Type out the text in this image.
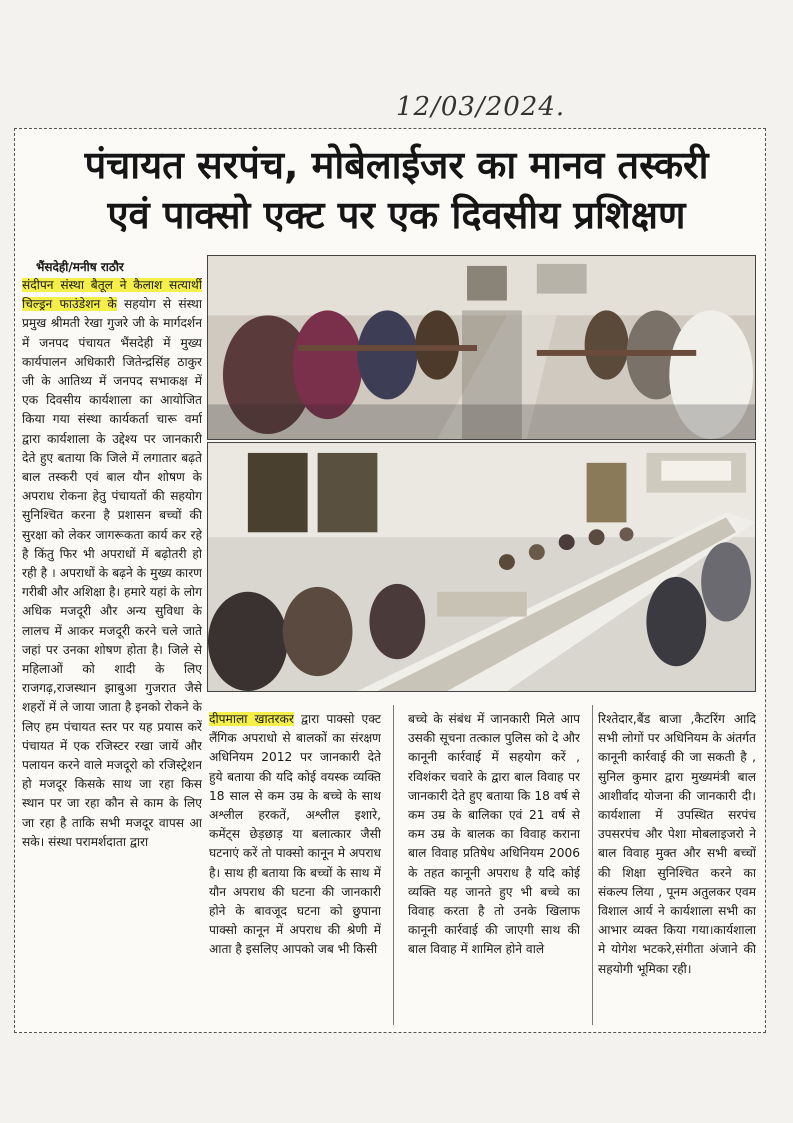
12/03/2024.
पंचायत सरपंच, मोबेलाईजर का मानव तस्करी
एवं पाक्सो एक्ट पर एक दिवसीय प्रशिक्षण
भैंसदेही/मनीष राठौर

संदीपन संस्था बैतूल ने कैलाश सत्यार्थी चिल्ड्रन फाउंडेशन के सहयोग से संस्था प्रमुख श्रीमती रेखा गुजरे जी के मार्गदर्शन में जनपद पंचायत भैंसदेही में मुख्य कार्यपालन अधिकारी जितेन्द्रसिंह ठाकुर जी के आतिथ्य में जनपद सभाकक्ष में एक दिवसीय कार्यशाला का आयोजित किया गया संस्था कार्यकर्ता चारू वर्मा द्वारा कार्यशाला के उद्देश्य पर जानकारी देते हुए बताया कि जिले में लगातार बढ़ते बाल तस्करी एवं बाल यौन शोषण के अपराध रोकना हेतु पंचायतों की सहयोग सुनिश्चित करना है प्रशासन बच्चों की सुरक्षा को लेकर जागरूकता कार्य कर रहे है किंतु फिर भी अपराधों में बढ़ोतरी हो रही है । अपराधों के बढ़ने के मुख्य कारण गरीबी और अशिक्षा है। हमारे यहां के लोग अधिक मजदूरी और अन्य सुविधा के लालच में आकर मजदूरी करने चले जाते जहां पर उनका शोषण होता है। जिले से महिलाओं को शादी के लिए राजगढ़,राजस्थान झाबुआ गुजरात जैसे शहरों में ले जाया जाता है इनको रोकने के लिए हम पंचायत स्तर पर यह प्रयास करें पंचायत में एक रजिस्टर रखा जायें और पलायन करने वाले मजदूरो को रजिस्ट्रेशन हो मजदूर किसके साथ जा रहा किस स्थान पर जा रहा कौन से काम के लिए जा रहा है ताकि सभी मजदूर वापस आ सके। संस्था परामर्शदाता द्वारा

दीपमाला खातरकर द्वारा पाक्सो एक्ट लैंगिक अपराधो से बालकों का संरक्षण अधिनियम 2012 पर जानकारी देते हुये बताया की यदि कोई वयस्क व्यक्ति 18 साल से कम उम्र के बच्चे के साथ अश्लील हरकतें, अश्लील इशारे, कमेंट्स छेड़छाड़ या बलात्कार जैसी घटनाएं करें तो पाक्सो कानून मे अपराध है। साथ ही बताया कि बच्चों के साथ में यौन अपराध की घटना की जानकारी होने के बावजूद घटना को छुपाना पाक्सो कानून में अपराध की श्रेणी में आता है इसलिए आपको जब भी किसी

बच्चे के संबंध में जानकारी मिले आप उसकी सूचना तत्काल पुलिस को दे और कानूनी कार्रवाई में सहयोग करें , रविशंकर चवारे के द्वारा बाल विवाह पर जानकारी देते हुए बताया कि 18 वर्ष से कम उम्र के बालिका एवं 21 वर्ष से कम उम्र के बालक का विवाह कराना बाल विवाह प्रतिषेध अधिनियम 2006 के तहत कानूनी अपराध है यदि कोई व्यक्ति यह जानते हुए भी बच्चे का विवाह करता है तो उनके खिलाफ कानूनी कार्रवाई की जाएगी साथ की बाल विवाह में शामिल होने वाले

रिश्तेदार,बैंड बाजा ,कैटरिंग आदि सभी लोगों पर अधिनियम के अंतर्गत कानूनी कार्रवाई की जा सकती है , सुनिल कुमार द्वारा मुख्यमंत्री बाल आशीर्वाद योजना की जानकारी दी। कार्यशाला में उपस्थित सरपंच उपसरपंच और पेशा मोबलाइजरो ने बाल विवाह मुक्त और सभी बच्चों की शिक्षा सुनिश्चित करने का संकल्प लिया , पूनम अतुलकर एवम विशाल आर्य ने कार्यशाला सभी का आभार व्यक्त किया गया।कार्यशाला मे योगेश भटकरे,संगीता अंजाने की सहयोगी भूमिका रही।
